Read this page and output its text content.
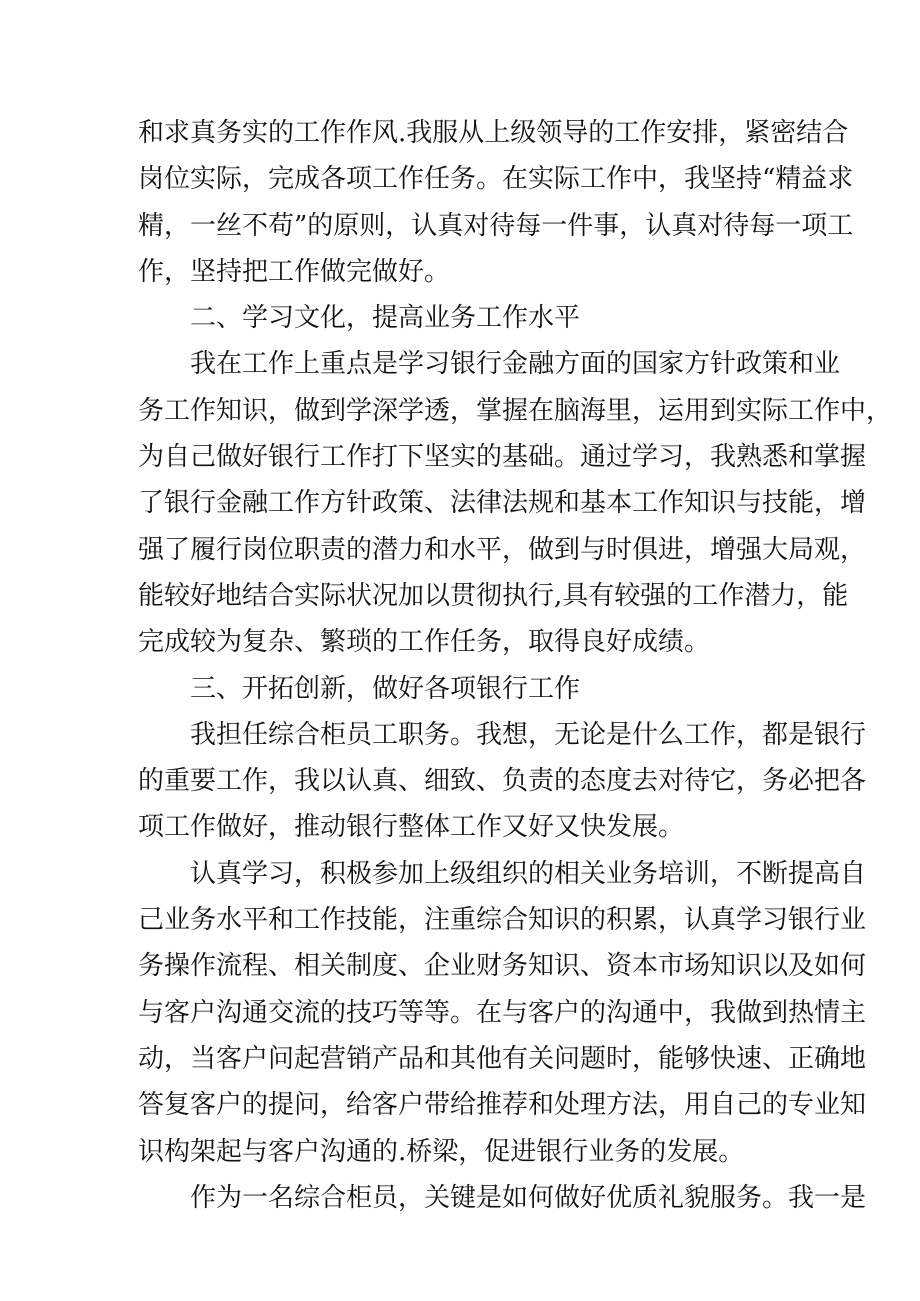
和求真务实的工作作风.我服从上级领导的工作安排，紧密结合
岗位实际，完成各项工作任务。在实际工作中，我坚持“精益求
精，一丝不苟”的原则，认真对待每一件事，认真对待每一项工
作，坚持把工作做完做好。
二、学习文化，提高业务工作水平
我在工作上重点是学习银行金融方面的国家方针政策和业
务工作知识，做到学深学透，掌握在脑海里，运用到实际工作中，
为自己做好银行工作打下坚实的基础。通过学习，我熟悉和掌握
了银行金融工作方针政策、法律法规和基本工作知识与技能，增
强了履行岗位职责的潜力和水平，做到与时俱进，增强大局观，
能较好地结合实际状况加以贯彻执行,具有较强的工作潜力，能
完成较为复杂、繁琐的工作任务，取得良好成绩。
三、开拓创新，做好各项银行工作
我担任综合柜员工职务。我想，无论是什么工作，都是银行
的重要工作，我以认真、细致、负责的态度去对待它，务必把各
项工作做好，推动银行整体工作又好又快发展。
认真学习，积极参加上级组织的相关业务培训，不断提高自
己业务水平和工作技能，注重综合知识的积累，认真学习银行业
务操作流程、相关制度、企业财务知识、资本市场知识以及如何
与客户沟通交流的技巧等等。在与客户的沟通中，我做到热情主
动，当客户问起营销产品和其他有关问题时，能够快速、正确地
答复客户的提问，给客户带给推荐和处理方法，用自己的专业知
识构架起与客户沟通的.桥梁，促进银行业务的发展。
作为一名综合柜员，关键是如何做好优质礼貌服务。我一是
